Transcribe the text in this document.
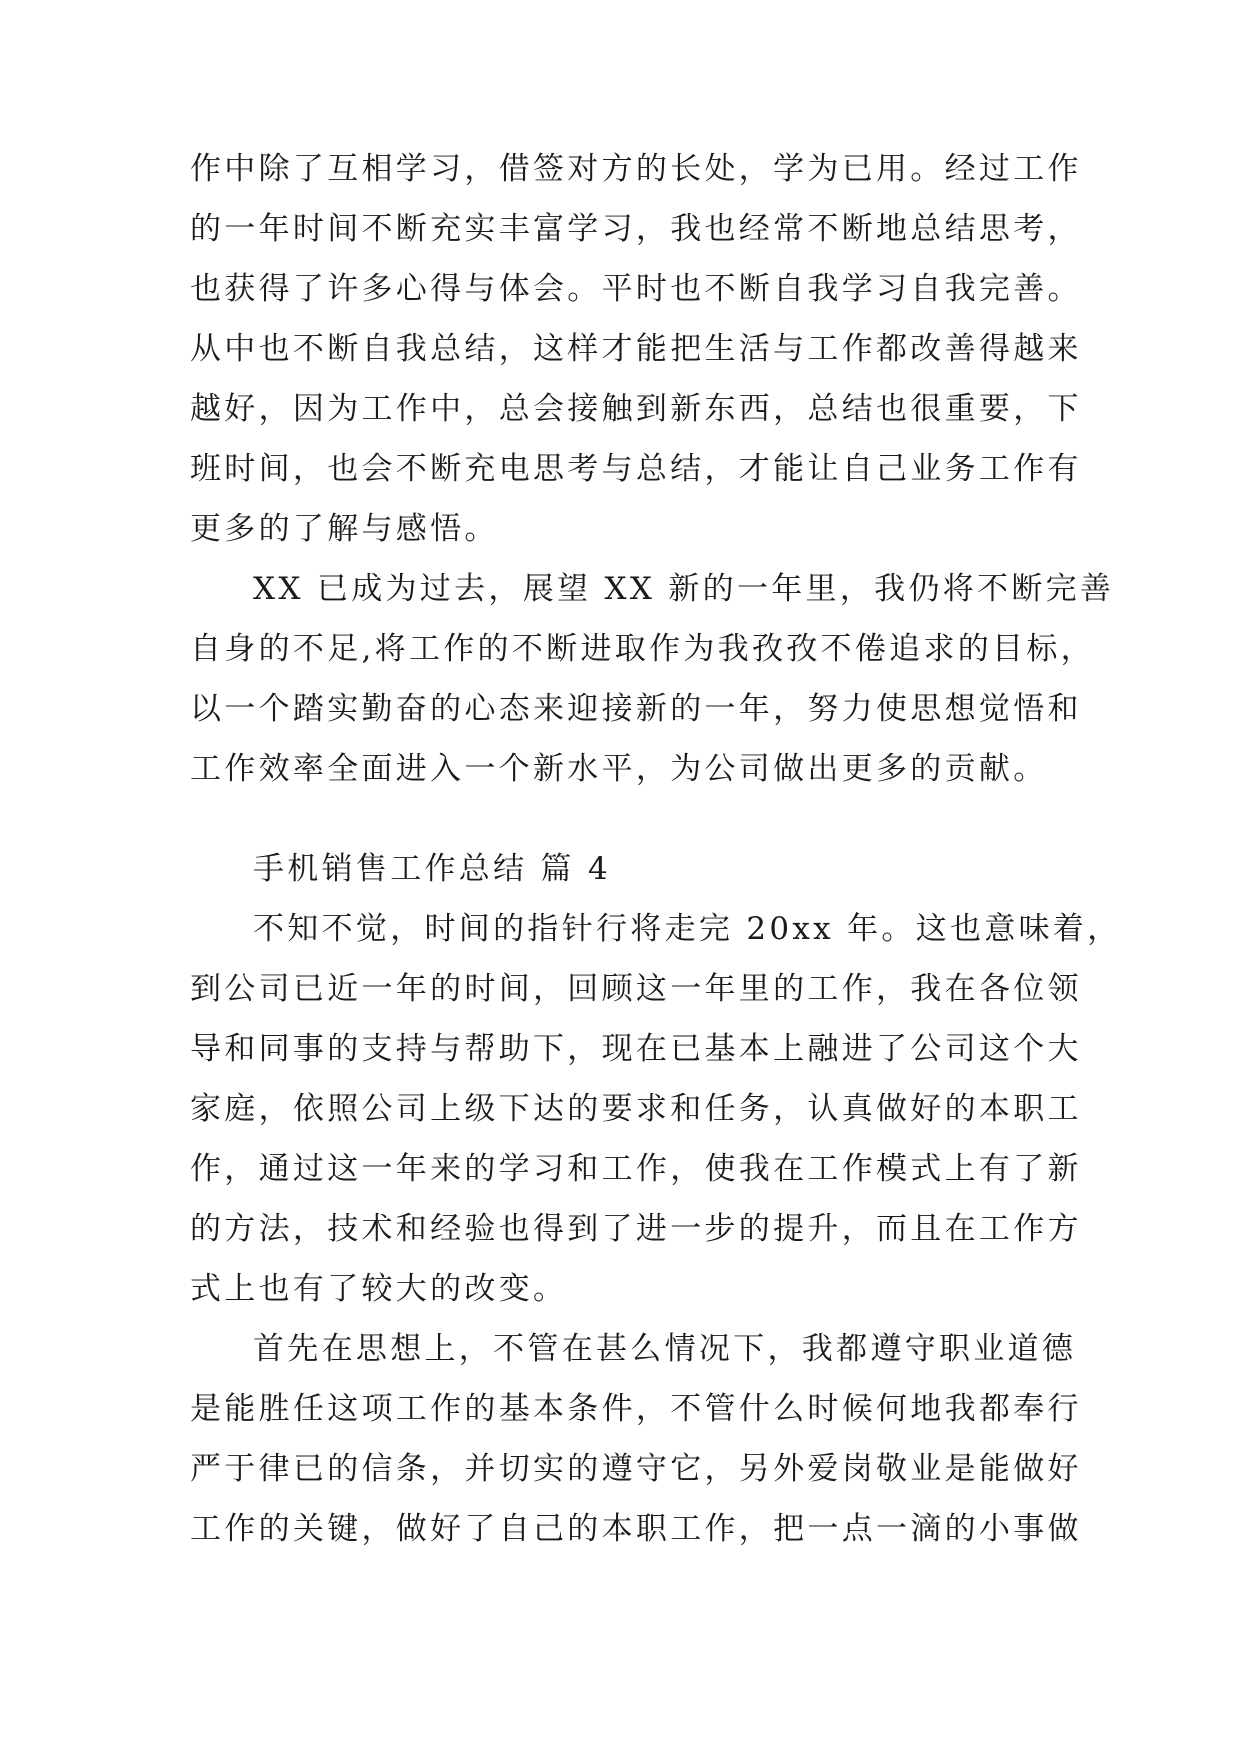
作中除了互相学习，借签对方的长处，学为已用。经过工作
的一年时间不断充实丰富学习，我也经常不断地总结思考，
也获得了许多心得与体会。平时也不断自我学习自我完善。
从中也不断自我总结，这样才能把生活与工作都改善得越来
越好，因为工作中，总会接触到新东西，总结也很重要，下
班时间，也会不断充电思考与总结，才能让自己业务工作有
更多的了解与感悟。
XX 已成为过去，展望 XX 新的一年里，我仍将不断完善
自身的不足,将工作的不断进取作为我孜孜不倦追求的目标，
以一个踏实勤奋的心态来迎接新的一年，努力使思想觉悟和
工作效率全面进入一个新水平，为公司做出更多的贡献。
手机销售工作总结 篇 4
不知不觉，时间的指针行将走完 20xx 年。这也意味着，
到公司已近一年的时间，回顾这一年里的工作，我在各位领
导和同事的支持与帮助下，现在已基本上融进了公司这个大
家庭，依照公司上级下达的要求和任务，认真做好的本职工
作，通过这一年来的学习和工作，使我在工作模式上有了新
的方法，技术和经验也得到了进一步的提升，而且在工作方
式上也有了较大的改变。
首先在思想上，不管在甚么情况下，我都遵守职业道德
是能胜任这项工作的基本条件，不管什么时候何地我都奉行
严于律已的信条，并切实的遵守它，另外爱岗敬业是能做好
工作的关键，做好了自己的本职工作，把一点一滴的小事做
